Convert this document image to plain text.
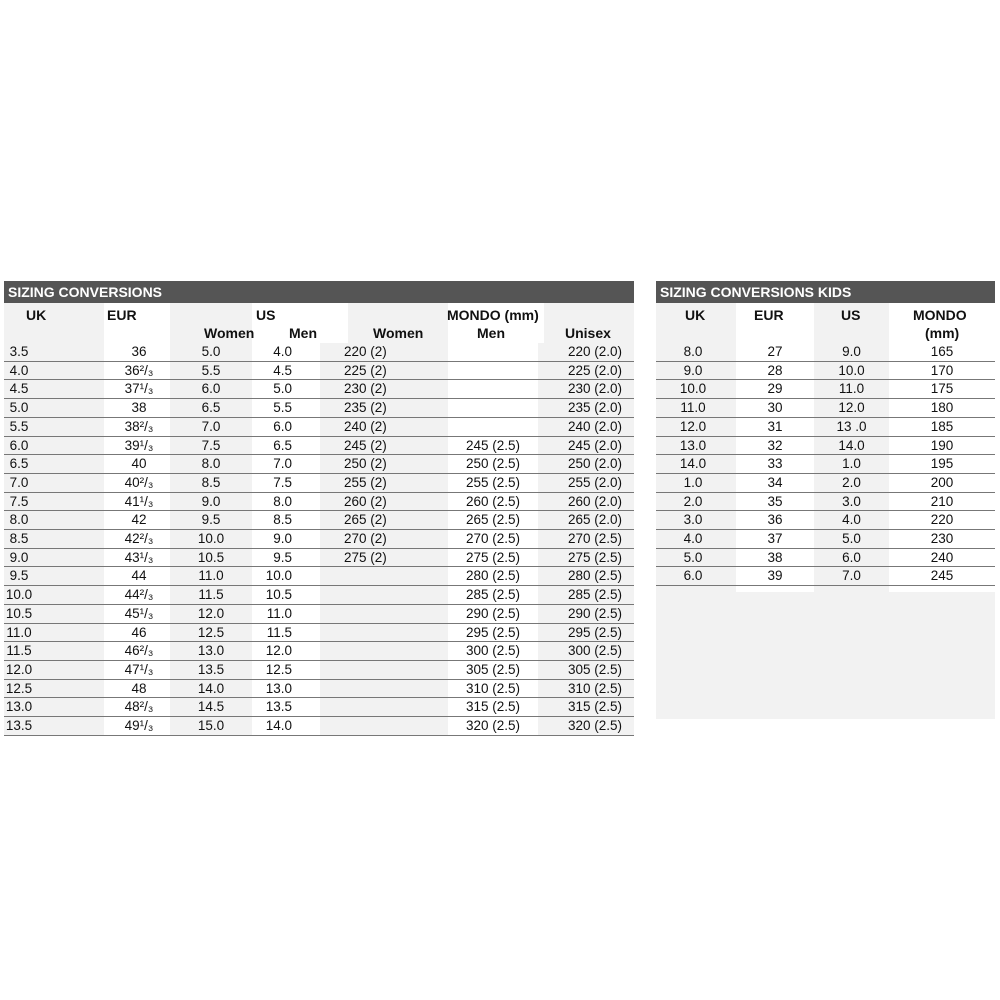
SIZING CONVERSIONS
UK	EUR	US
Women Men
MONDO (mm)
Women	Men	Unisex
3.5	36	5.0	4.0	220 (2)		220 (2.0)
4.0	36²/₃	5.5	4.5	225 (2)		225 (2.0)
4.5	37¹/₃	6.0	5.0	230 (2)		230 (2.0)
5.0	38	6.5	5.5	235 (2)		235 (2.0)
5.5	38²/₃	7.0	6.0	240 (2)		240 (2.0)
6.0	39¹/₃	7.5	6.5	245 (2)	245 (2.5)	245 (2.0)
6.5	40	8.0	7.0	250 (2)	250 (2.5)	250 (2.0)
7.0	40²/₃	8.5	7.5	255 (2)	255 (2.5)	255 (2.0)
7.5	41¹/₃	9.0	8.0	260 (2)	260 (2.5)	260 (2.0)
8.0	42	9.5	8.5	265 (2)	265 (2.5)	265 (2.0)
8.5	42²/₃	10.0	9.0	270 (2)	270 (2.5)	270 (2.5)
9.0	43¹/₃	10.5	9.5	275 (2)	275 (2.5)	275 (2.5)
9.5	44	11.0	10.0		280 (2.5)	280 (2.5)
10.0	44²/₃	11.5	10.5		285 (2.5)	285 (2.5)
10.5	45¹/₃	12.0	11.0		290 (2.5)	290 (2.5)
11.0	46	12.5	11.5		295 (2.5)	295 (2.5)
11.5	46²/₃	13.0	12.0		300 (2.5)	300 (2.5)
12.0	47¹/₃	13.5	12.5		305 (2.5)	305 (2.5)
12.5	48	14.0	13.0		310 (2.5)	310 (2.5)
13.0	48²/₃	14.5	13.5		315 (2.5)	315 (2.5)
13.5	49¹/₃	15.0	14.0		320 (2.5)	320 (2.5)
SIZING CONVERSIONS KIDS
UK	EUR	US	MONDO
(mm)
8.0	27	9.0	165
9.0	28	10.0	170
10.0	29	11.0	175
11.0	30	12.0	180
12.0	31	13 .0	185
13.0	32	14.0	190
14.0	33	1.0	195
1.0	34	2.0	200
2.0	35	3.0	210
3.0	36	4.0	220
4.0	37	5.0	230
5.0	38	6.0	240
6.0	39	7.0	245
